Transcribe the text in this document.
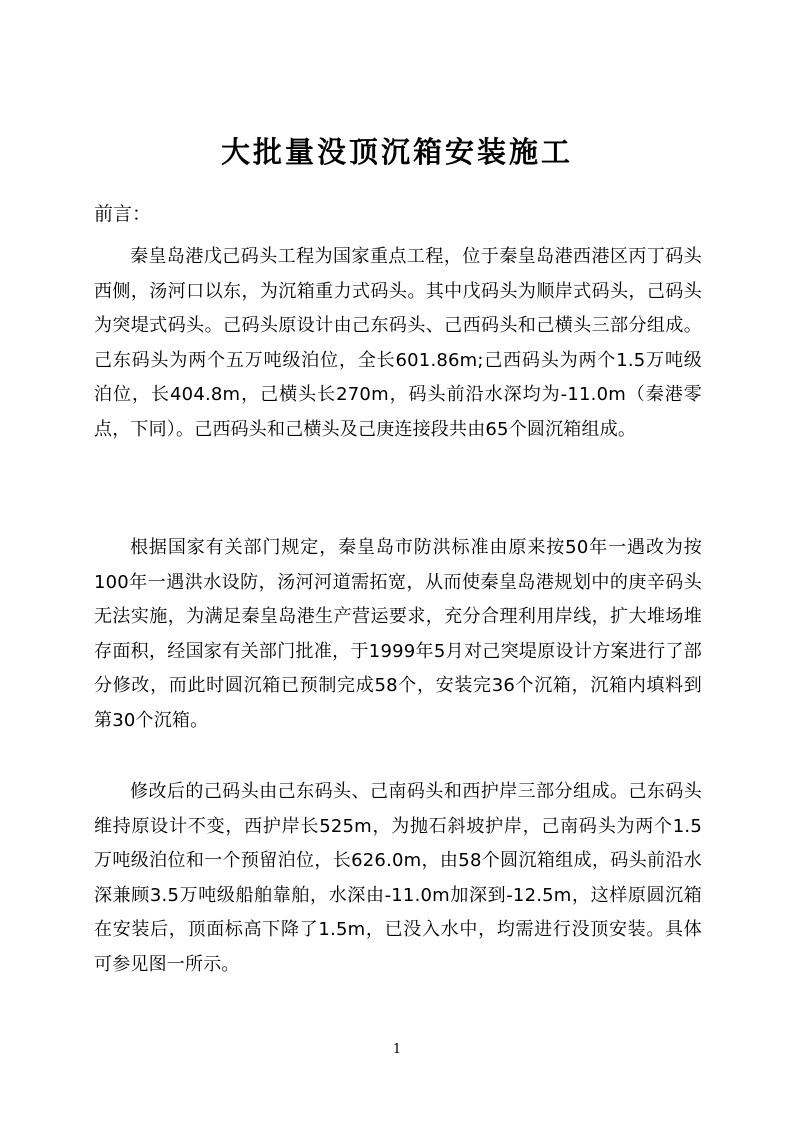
大批量没顶沉箱安装施工
前言：

秦皇岛港戊己码头工程为国家重点工程，位于秦皇岛港西港区丙丁码头西侧，汤河口以东，为沉箱重力式码头。其中戊码头为顺岸式码头，己码头为突堤式码头。己码头原设计由己东码头、己西码头和己横头三部分组成。己东码头为两个五万吨级泊位，全长601.86m;己西码头为两个1.5万吨级泊位，长404.8m，己横头长270m，码头前沿水深均为-11.0m（秦港零点，下同）。己西码头和己横头及己庚连接段共由65个圆沉箱组成。

根据国家有关部门规定，秦皇岛市防洪标准由原来按50年一遇改为按100年一遇洪水设防，汤河河道需拓宽，从而使秦皇岛港规划中的庚辛码头无法实施，为满足秦皇岛港生产营运要求，充分合理利用岸线，扩大堆场堆存面积，经国家有关部门批准，于1999年5月对己突堤原设计方案进行了部分修改，而此时圆沉箱已预制完成58个，安装完36个沉箱，沉箱内填料到第30个沉箱。

修改后的己码头由己东码头、己南码头和西护岸三部分组成。己东码头维持原设计不变，西护岸长525m，为抛石斜坡护岸，己南码头为两个1.5万吨级泊位和一个预留泊位，长626.0m，由58个圆沉箱组成，码头前沿水深兼顾3.5万吨级船舶靠舶，水深由-11.0m加深到-12.5m，这样原圆沉箱在安装后，顶面标高下降了1.5m，已没入水中，均需进行没顶安装。具体可参见图一所示。

1
